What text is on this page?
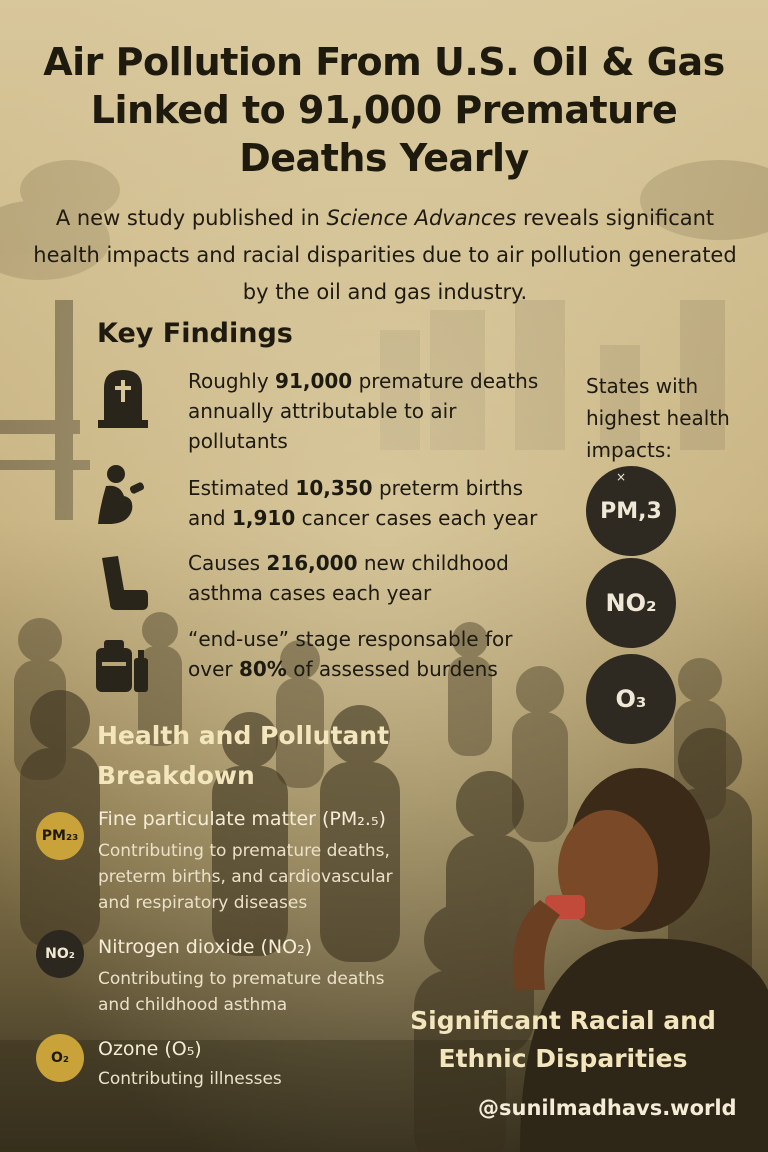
Air Pollution From U.S. Oil & Gas Linked to 91,000 Premature Deaths Yearly
A new study published in Science Advances reveals significant health impacts and racial disparities due to air pollution generated by the oil and gas industry.
Key Findings
Roughly 91,000 premature deaths annually attributable to air pollutants
Estimated 10,350 preterm births and 1,910 cancer cases each year
Causes 216,000 new childhood asthma cases each year
“end-use” stage responsable for over 80% of assessed burdens
States with highest health impacts:
×
PM,3
NO₂
O₃
Health and Pollutant Breakdown
PM₂₃
Fine particulate matter (PM₂.₅)
Contributing to premature deaths, preterm births, and cardiovascular and respiratory diseases
NO₂	Nitrogen dioxide (NO₂)
Contributing to premature deaths and childhood asthma
O₂	Ozone (O₅)
Contributing illnesses
Significant Racial and Ethnic Disparities
@sunilmadhavs.world
